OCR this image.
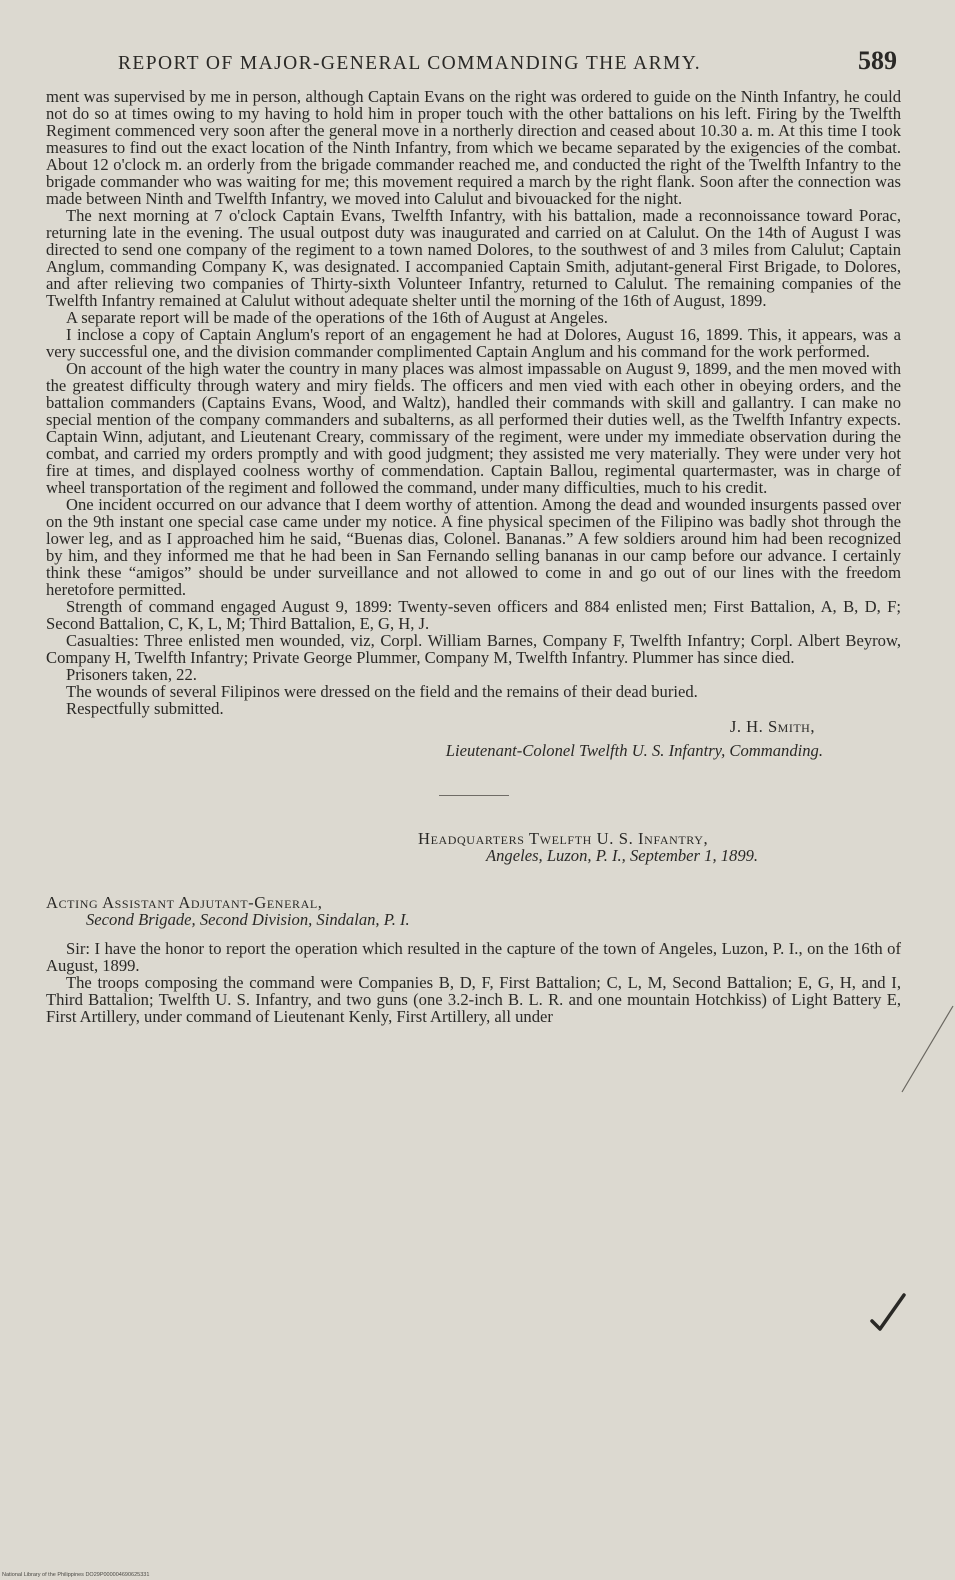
REPORT OF MAJOR-GENERAL COMMANDING THE ARMY.	589

ment was supervised by me in person, although Captain Evans on the right was ordered to guide on the Ninth Infantry, he could not do so at times owing to my having to hold him in proper touch with the other battalions on his left. Firing by the Twelfth Regiment commenced very soon after the general move in a northerly direction and ceased about 10.30 a. m. At this time I took measures to find out the exact location of the Ninth Infantry, from which we became separated by the exigencies of the combat. About 12 o'clock m. an orderly from the brigade commander reached me, and conducted the right of the Twelfth Infantry to the brigade commander who was waiting for me; this movement required a march by the right flank. Soon after the connection was made between Ninth and Twelfth Infantry, we moved into Calulut and bivouacked for the night.

The next morning at 7 o'clock Captain Evans, Twelfth Infantry, with his battalion, made a reconnoissance toward Porac, returning late in the evening. The usual outpost duty was inaugurated and carried on at Calulut. On the 14th of August I was directed to send one company of the regiment to a town named Dolores, to the southwest of and 3 miles from Calulut; Captain Anglum, commanding Company K, was designated. I accompanied Captain Smith, adjutant-general First Brigade, to Dolores, and after relieving two companies of Thirty-sixth Volunteer Infantry, returned to Calulut. The remaining companies of the Twelfth Infantry remained at Calulut without adequate shelter until the morning of the 16th of August, 1899.

A separate report will be made of the operations of the 16th of August at Angeles.

I inclose a copy of Captain Anglum's report of an engagement he had at Dolores, August 16, 1899. This, it appears, was a very successful one, and the division commander complimented Captain Anglum and his command for the work performed.

On account of the high water the country in many places was almost impassable on August 9, 1899, and the men moved with the greatest difficulty through watery and miry fields. The officers and men vied with each other in obeying orders, and the battalion commanders (Captains Evans, Wood, and Waltz), handled their commands with skill and gallantry. I can make no special mention of the company commanders and subalterns, as all performed their duties well, as the Twelfth Infantry expects. Captain Winn, adjutant, and Lieutenant Creary, commissary of the regiment, were under my immediate observation during the combat, and carried my orders promptly and with good judgment; they assisted me very materially. They were under very hot fire at times, and displayed coolness worthy of commendation. Captain Ballou, regimental quartermaster, was in charge of wheel transportation of the regiment and followed the command, under many difficulties, much to his credit.

One incident occurred on our advance that I deem worthy of attention. Among the dead and wounded insurgents passed over on the 9th instant one special case came under my notice. A fine physical specimen of the Filipino was badly shot through the lower leg, and as I approached him he said, “Buenas dias, Colonel. Bananas.” A few soldiers around him had been recognized by him, and they informed me that he had been in San Fernando selling bananas in our camp before our advance. I certainly think these “amigos” should be under surveillance and not allowed to come in and go out of our lines with the freedom heretofore permitted.

Strength of command engaged August 9, 1899: Twenty-seven officers and 884 enlisted men; First Battalion, A, B, D, F; Second Battalion, C, K, L, M; Third Battalion, E, G, H, J.

Casualties: Three enlisted men wounded, viz, Corpl. William Barnes, Company F, Twelfth Infantry; Corpl. Albert Beyrow, Company H, Twelfth Infantry; Private George Plummer, Company M, Twelfth Infantry. Plummer has since died.

Prisoners taken, 22.

The wounds of several Filipinos were dressed on the field and the remains of their dead buried.

Respectfully submitted.

J. H. Smith,
Lieutenant-Colonel Twelfth U. S. Infantry, Commanding.
Headquarters Twelfth U. S. Infantry,
Angeles, Luzon, P. I., September 1, 1899.
Acting Assistant Adjutant-General,
Second Brigade, Second Division, Sindalan, P. I.

Sir: I have the honor to report the operation which resulted in the capture of the town of Angeles, Luzon, P. I., on the 16th of August, 1899.

The troops composing the command were Companies B, D, F, First Battalion; C, L, M, Second Battalion; E, G, H, and I, Third Battalion; Twelfth U. S. Infantry, and two guns (one 3.2-inch B. L. R. and one mountain Hotchkiss) of Light Battery E, First Artillery, under command of Lieutenant Kenly, First Artillery, all under

National Library of the Philippines DO29P000004690625331
